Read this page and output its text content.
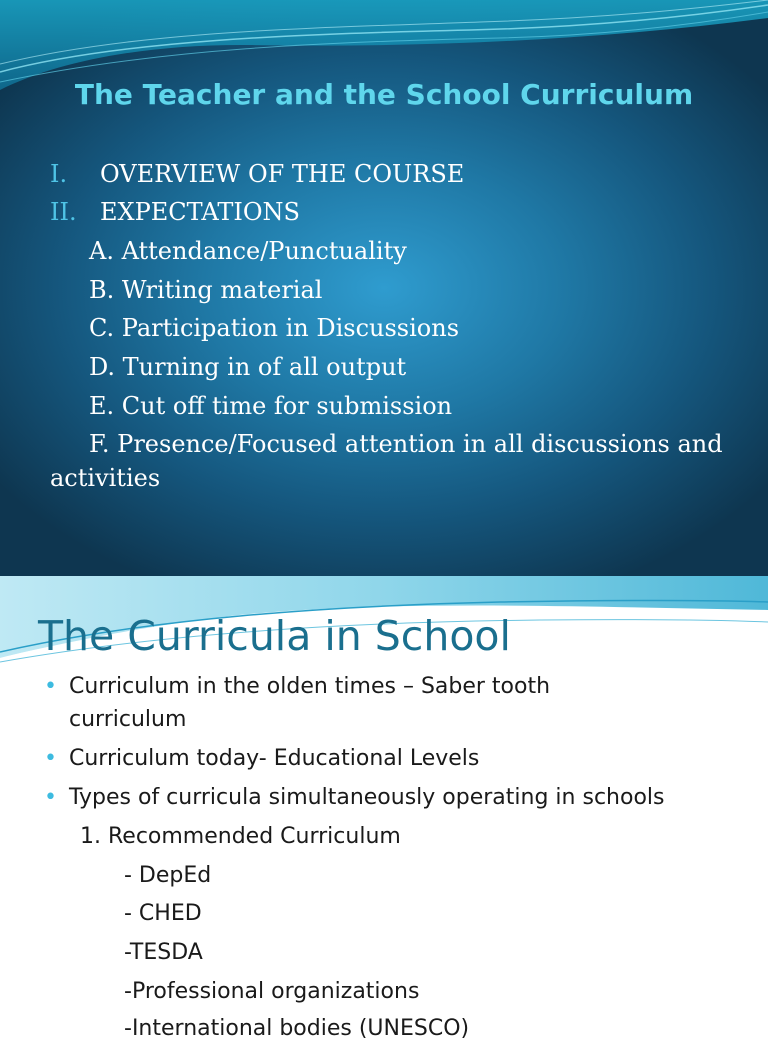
The Teacher and the School Curriculum
I. OVERVIEW OF THE COURSE
II. EXPECTATIONS
A. Attendance/Punctuality
B. Writing material
C. Participation in Discussions
D. Turning in of all output
E. Cut off time for submission
F. Presence/Focused attention in all discussions and
activities
The Curricula in School
• Curriculum in the olden times – Saber tooth
curriculum
• Curriculum today- Educational Levels
• Types of curricula simultaneously operating in schools
1. Recommended Curriculum
- DepEd
- CHED
-TESDA
-Professional organizations
-International bodies (UNESCO)
